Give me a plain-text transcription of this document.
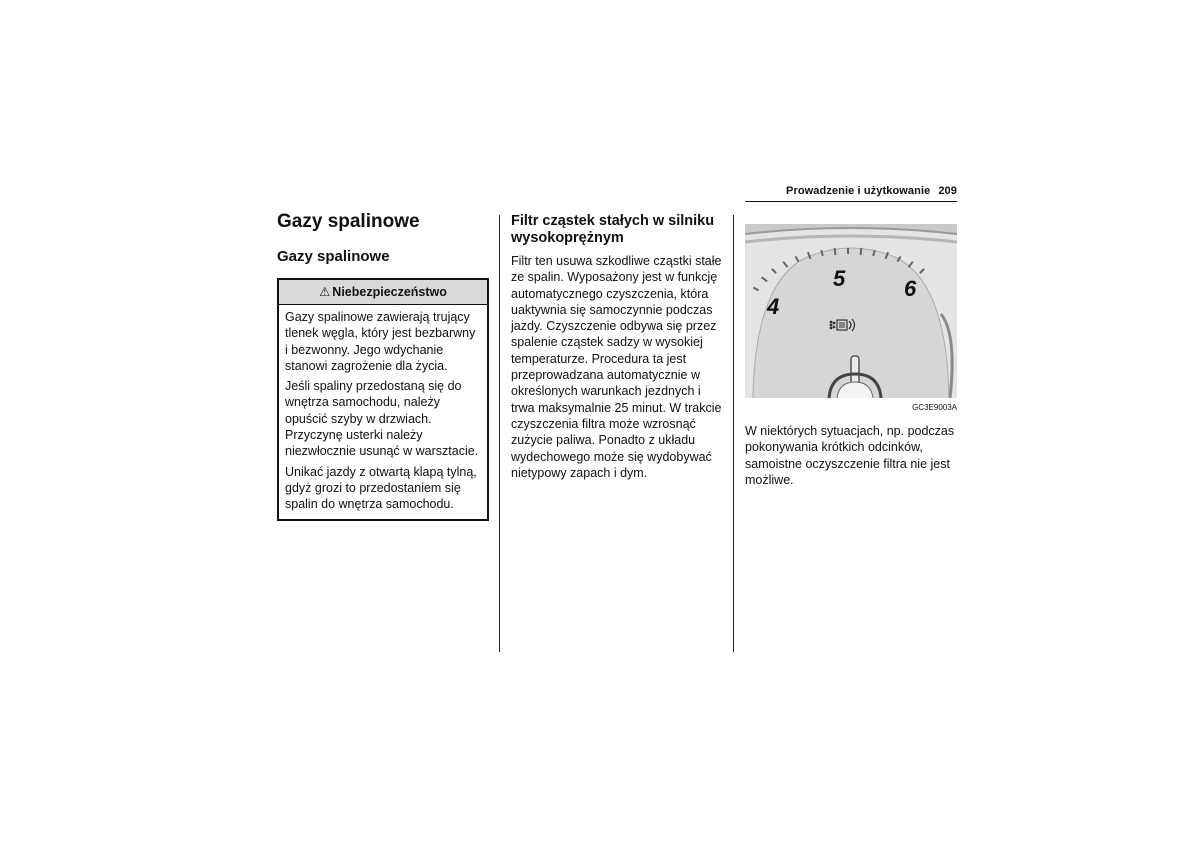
Prowadzenie i użytkowanie 209
Gazy spalinowe
Gazy spalinowe
⚠ Niebezpieczeństwo

Gazy spalinowe zawierają trujący tlenek węgla, który jest bezbarwny i bezwonny. Jego wdychanie stanowi zagrożenie dla życia.

Jeśli spaliny przedostaną się do wnętrza samochodu, należy opuścić szyby w drzwiach. Przyczynę usterki należy niezwłocznie usunąć w warsztacie.

Unikać jazdy z otwartą klapą tylną, gdyż grozi to przedostaniem się spalin do wnętrza samochodu.

Filtr cząstek stałych w silniku wysokoprężnym

Filtr ten usuwa szkodliwe cząstki stałe ze spalin. Wyposażony jest w funkcję automatycznego czyszczenia, która uaktywnia się samoczynnie podczas jazdy. Czyszczenie odbywa się przez spalenie cząstek sadzy w wysokiej temperaturze. Procedura ta jest przeprowadzana automatycznie w określonych warunkach jezdnych i trwa maksymalnie 25 minut. W trakcie czyszczenia filtra może wzrosnąć zużycie paliwa. Ponadto z układu wydechowego może się wydobywać nietypowy zapach i dym.

4
5	6
GC3E9003A

W niektórych sytuacjach, np. podczas pokonywania krótkich odcinków, samoistne oczyszczenie filtra nie jest możliwe.
